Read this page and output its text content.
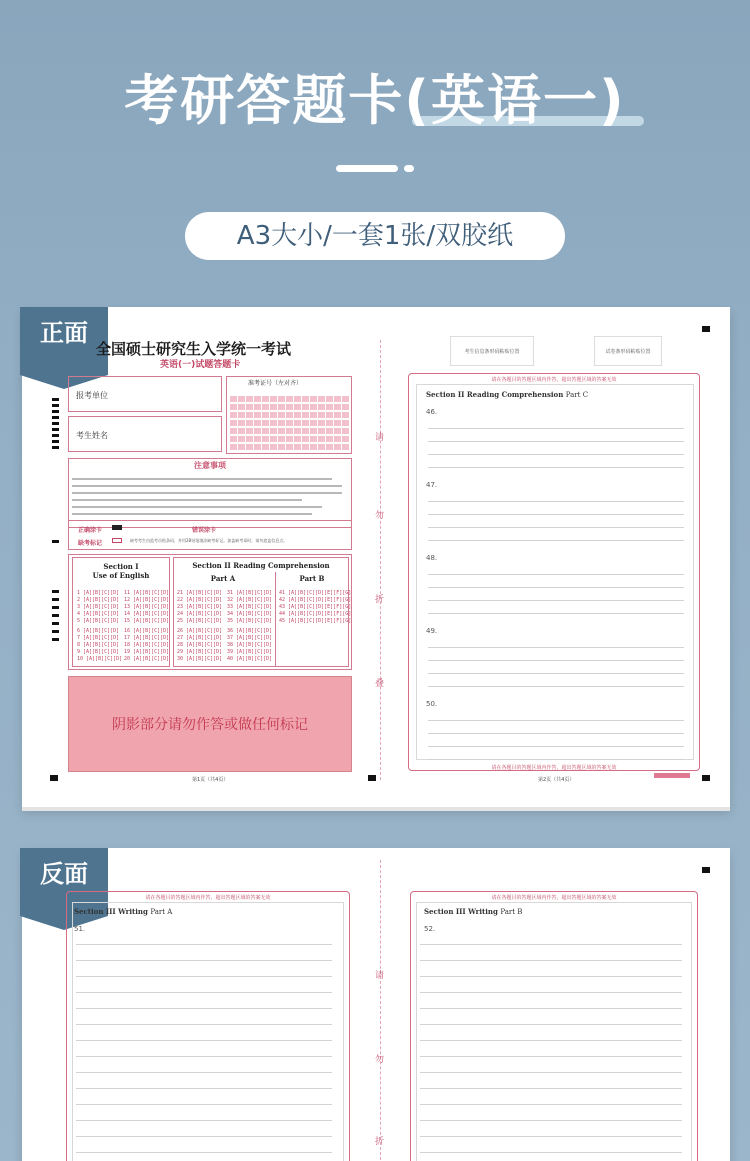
考研答题卡(英语一)
A3大小/一套1张/双胶纸
正面
全国硕士研究生入学统一考试
英语(一)试题答题卡
报考单位
考生姓名
准考证号（左对齐）
注意事项
正确涂卡	错误涂卡
缺考标记	缺考考生由监考员贴条码，并用2B铅笔填涂缺考标记。加盖缺考章时，请勿遮盖信息点。
Section I
Use of English
Section II Reading Comprehension
Part A	Part B
1 [A][B][C][D]
2 [A][B][C][D]
3 [A][B][C][D]
4 [A][B][C][D]
5 [A][B][C][D]
6 [A][B][C][D]
7 [A][B][C][D]
8 [A][B][C][D]
9 [A][B][C][D]
10 [A][B][C][D]
11 [A][B][C][D]
12 [A][B][C][D]
13 [A][B][C][D]
14 [A][B][C][D]
15 [A][B][C][D]
16 [A][B][C][D]
17 [A][B][C][D]
18 [A][B][C][D]
19 [A][B][C][D]
20 [A][B][C][D]
21 [A][B][C][D]
22 [A][B][C][D]
23 [A][B][C][D]
24 [A][B][C][D]
25 [A][B][C][D]
26 [A][B][C][D]
27 [A][B][C][D]
28 [A][B][C][D]
29 [A][B][C][D]
30 [A][B][C][D]
31 [A][B][C][D]
32 [A][B][C][D]
33 [A][B][C][D]
34 [A][B][C][D]
35 [A][B][C][D]
36 [A][B][C][D]
37 [A][B][C][D]
38 [A][B][C][D]
39 [A][B][C][D]
40 [A][B][C][D]
41 [A][B][C][D][E][F][G]
42 [A][B][C][D][E][F][G]
43 [A][B][C][D][E][F][G]
44 [A][B][C][D][E][F][G]
45 [A][B][C][D][E][F][G]
阴影部分请勿作答或做任何标记
第1页（共4页）	第2页（共4页）
请
勿
折
叠
考生信息条形码粘贴位置	试卷条形码粘贴位置
请在各题目的答题区域内作答，超出答题区域的答案无效
请在各题目的答题区域内作答，超出答题区域的答案无效
Section II Reading Comprehension Part C
46.
47.
48.
49.
50.
反面
请
勿
折
请在各题目的答题区域内作答，超出答题区域的答案无效
Section III Writing Part A
51.
请在各题目的答题区域内作答，超出答题区域的答案无效
Section III Writing Part B
52.
